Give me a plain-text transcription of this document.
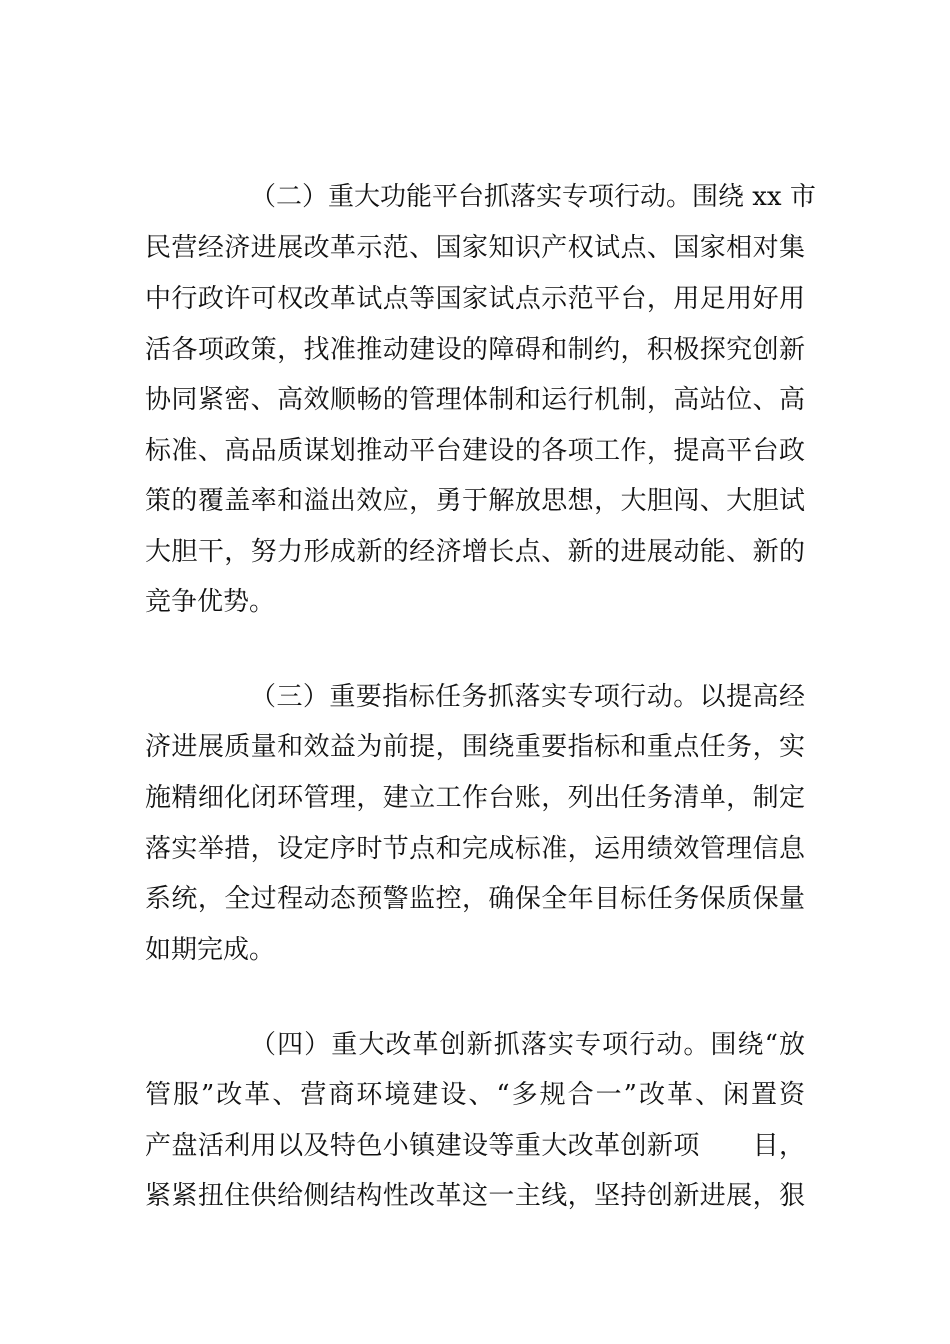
（二）重大功能平台抓落实专项行动。围绕 xx 市
民营经济进展改革示范、国家知识产权试点、国家相对集
中行政许可权改革试点等国家试点示范平台，用足用好用
活各项政策，找准推动建设的障碍和制约，积极探究创新
协同紧密、高效顺畅的管理体制和运行机制，高站位、高
标准、高品质谋划推动平台建设的各项工作，提高平台政
策的覆盖率和溢出效应，勇于解放思想，大胆闯、大胆试
大胆干，努力形成新的经济增长点、新的进展动能、新的
竞争优势。
（三）重要指标任务抓落实专项行动。以提高经
济进展质量和效益为前提，围绕重要指标和重点任务，实
施精细化闭环管理，建立工作台账，列出任务清单，制定
落实举措，设定序时节点和完成标准，运用绩效管理信息
系统，全过程动态预警监控，确保全年目标任务保质保量
如期完成。
（四）重大改革创新抓落实专项行动。围绕“放
管服”改革、营商环境建设、“多规合一”改革、闲置资
产盘活利用以及特色小镇建设等重大改革创新项　　目，
紧紧扭住供给侧结构性改革这一主线，坚持创新进展，狠
